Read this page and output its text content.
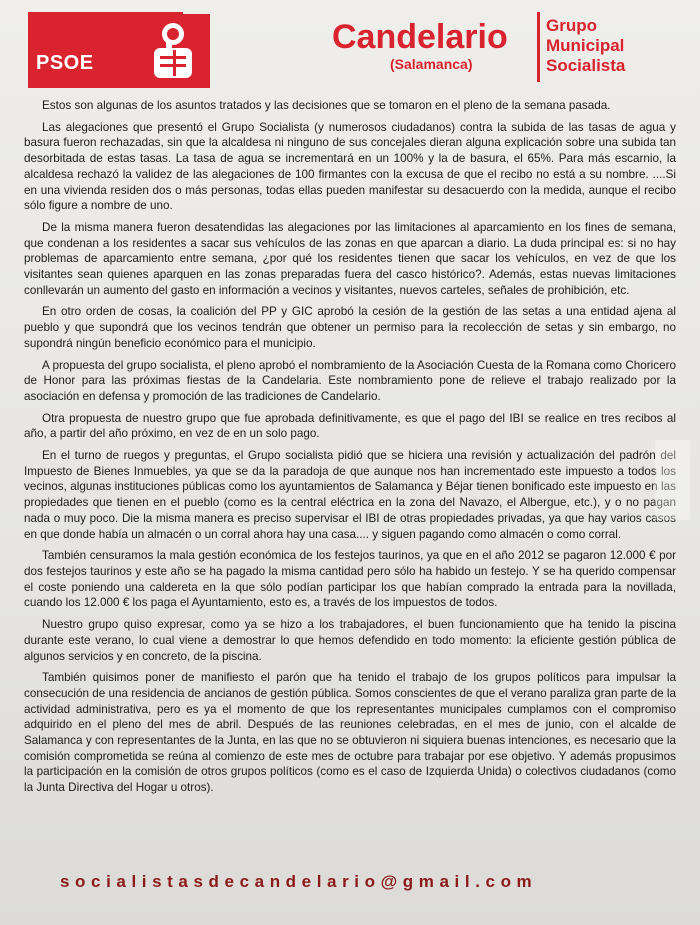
PSOE
Candelario
(Salamanca)
Grupo
Municipal
Socialista

Estos son algunas de los asuntos tratados y las decisiones que se tomaron en el pleno de la semana pasada.

Las alegaciones que presentó el Grupo Socialista (y numerosos ciudadanos) contra la subida de las tasas de agua y basura fueron rechazadas, sin que la alcaldesa ni ninguno de sus concejales dieran alguna explicación sobre una subida tan desorbitada de estas tasas. La tasa de agua se incrementará en un 100% y la de basura, el 65%. Para más escarnio, la alcaldesa rechazó la validez de las alegaciones de 100 firmantes con la excusa de que el recibo no está a su nombre. ....Si en una vivienda residen dos o más personas, todas ellas pueden manifestar su desacuerdo con la medida, aunque el recibo sólo figure a nombre de uno.

De la misma manera fueron desatendidas las alegaciones por las limitaciones al aparcamiento en los fines de semana, que condenan a los residentes a sacar sus vehículos de las zonas en que aparcan a diario. La duda principal es: si no hay problemas de aparcamiento entre semana, ¿por qué los residentes tienen que sacar los vehículos, en vez de que los visitantes sean quienes aparquen en las zonas preparadas fuera del casco histórico?. Además, estas nuevas limitaciones conllevarán un aumento del gasto en información a vecinos y visitantes, nuevos carteles, señales de prohibición, etc.

En otro orden de cosas, la coalición del PP y GIC aprobó la cesión de la gestión de las setas a una entidad ajena al pueblo y que supondrá que los vecinos tendrán que obtener un permiso para la recolección de setas y sin embargo, no supondrá ningún beneficio económico para el municipio.

A propuesta del grupo socialista, el pleno aprobó el nombramiento de la Asociación Cuesta de la Romana como Choricero de Honor para las próximas fiestas de la Candelaria. Este nombramiento pone de relieve el trabajo realizado por la asociación en defensa y promoción de las tradiciones de Candelario.

Otra propuesta de nuestro grupo que fue aprobada definitivamente, es que el pago del IBI se realice en tres recibos al año, a partir del año próximo, en vez de en un solo pago.

En el turno de ruegos y preguntas, el Grupo socialista pidió que se hiciera una revisión y actualización del padrón del Impuesto de Bienes Inmuebles, ya que se da la paradoja de que aunque nos han incrementado este impuesto a todos los vecinos, algunas instituciones públicas como los ayuntamientos de Salamanca y Béjar tienen bonificado este impuesto en las propiedades que tienen en el pueblo (como es la central eléctrica en la zona del Navazo, el Albergue, etc.), y o no pagan nada o muy poco. Die la misma manera es preciso supervisar el IBI de otras propiedades privadas, ya que hay varios casos en que donde había un almacén o un corral ahora hay una casa.... y siguen pagando como almacén o como corral.

También censuramos la mala gestión económica de los festejos taurinos, ya que en el año 2012 se pagaron 12.000 € por dos festejos taurinos y este año se ha pagado la misma cantidad pero sólo ha habido un festejo. Y se ha querido compensar el coste poniendo una caldereta en la que sólo podían participar los que habían comprado la entrada para la novillada, cuando los 12.000 € los paga el Ayuntamiento, esto es, a través de los impuestos de todos.

Nuestro grupo quiso expresar, como ya se hizo a los trabajadores, el buen funcionamiento que ha tenido la piscina durante este verano, lo cual viene a demostrar lo que hemos defendido en todo momento: la eficiente gestión pública de algunos servicios y en concreto, de la piscina.

También quisimos poner de manifiesto el parón que ha tenido el trabajo de los grupos políticos para impulsar la consecución de una residencia de ancianos de gestión pública. Somos conscientes de que el verano paraliza gran parte de la actividad administrativa, pero es ya el momento de que los representantes municipales cumplamos con el compromiso adquirido en el pleno del mes de abril. Después de las reuniones celebradas, en el mes de junio, con el alcalde de Salamanca y con representantes de la Junta, en las que no se obtuvieron ni siquiera buenas intenciones, es necesario que la comisión comprometida se reúna al comienzo de este mes de octubre para trabajar por ese objetivo. Y además propusimos la participación en la comisión de otros grupos políticos (como es el caso de Izquierda Unida) o colectivos ciudadanos (como la Junta Directiva del Hogar u otros).

socialistasdecandelario@gmail.com
